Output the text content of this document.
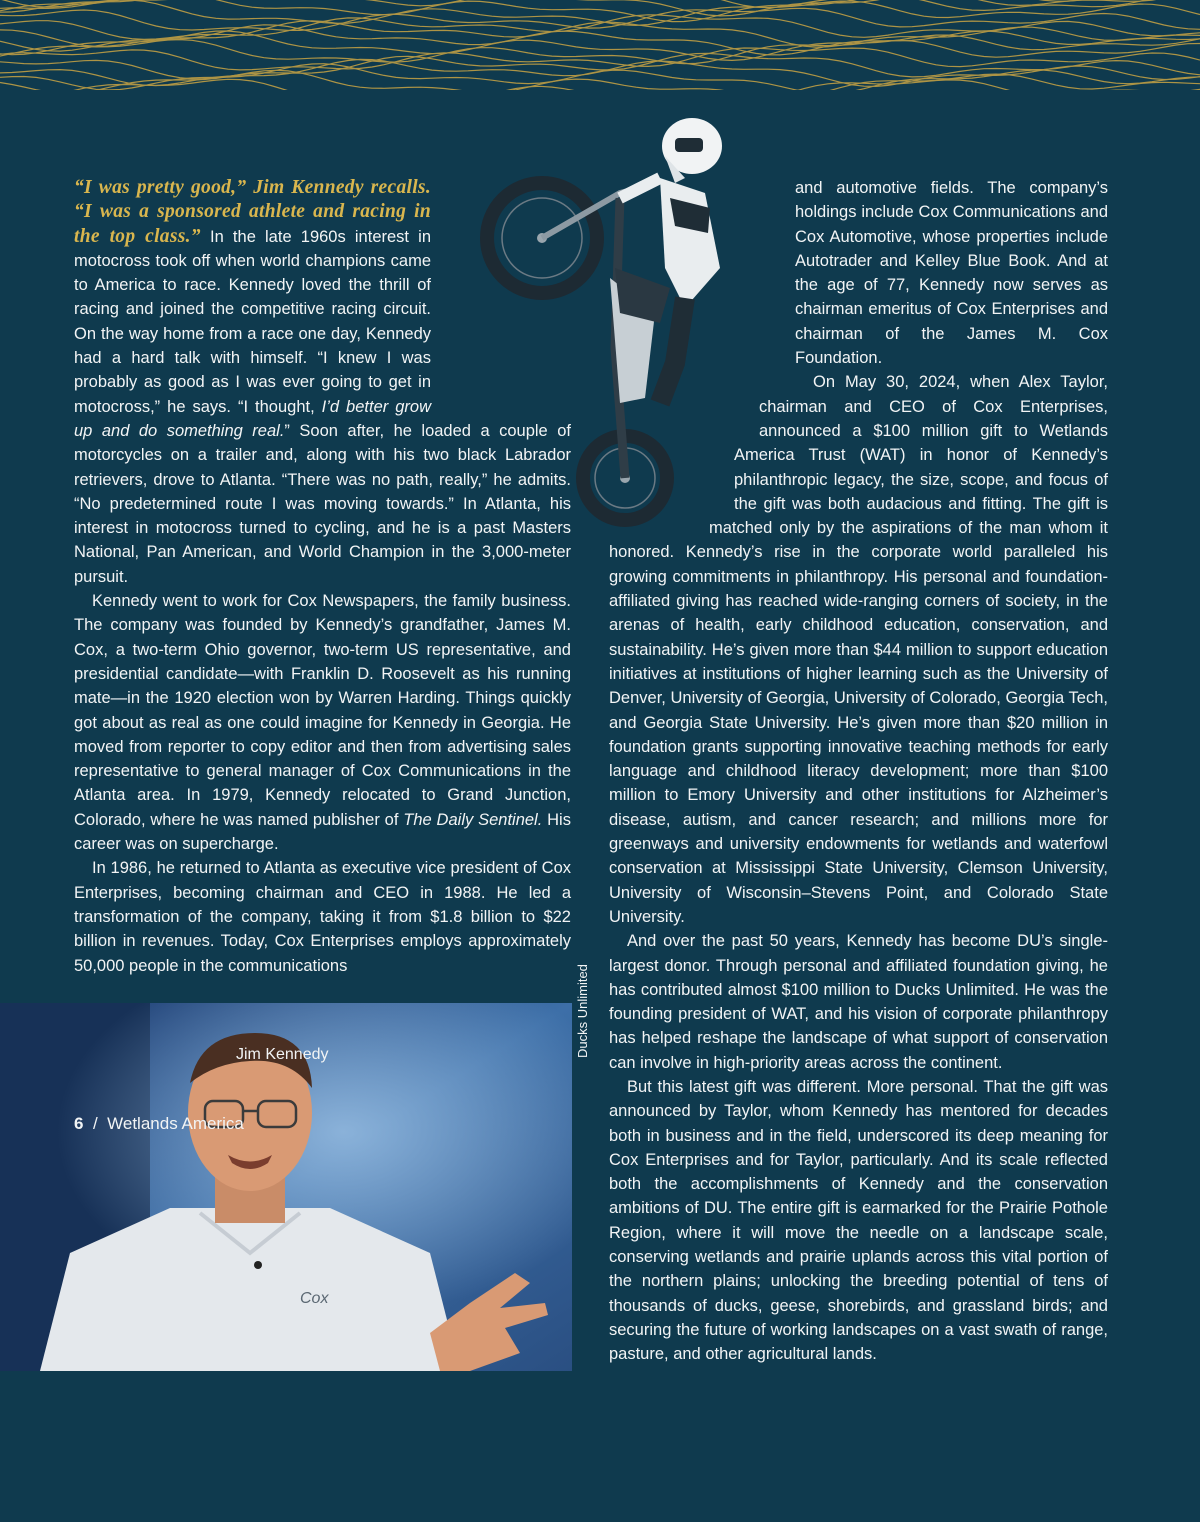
“I was pretty good,” Jim Kennedy recalls. “I was a sponsored athlete and racing in the top class.” In the late 1960s interest in motocross took off when world champions came to America to race. Kennedy loved the thrill of racing and joined the competitive racing circuit. On the way home from a race one day, Kennedy had a hard talk with himself. “I knew I was probably as good as I was ever going to get in motocross,” he says. “I thought, I’d better grow up and do something real.” Soon after, he loaded a couple of motorcycles on a trailer and, along with his two black Labrador retrievers, drove to Atlanta. “There was no path, really,” he admits. “No predetermined route I was moving towards.” In Atlanta, his interest in motocross turned to cycling, and he is a past Masters National, Pan American, and World Champion in the 3,000-meter pursuit.

Kennedy went to work for Cox Newspapers, the family business. The company was founded by Kennedy’s grandfather, James M. Cox, a two-term Ohio governor, two-term US representative, and presidential candidate—with Franklin D. Roosevelt as his running mate—in the 1920 election won by Warren Harding. Things quickly got about as real as one could imagine for Kennedy in Georgia. He moved from reporter to copy editor and then from advertising sales representative to general manager of Cox Communications in the Atlanta area. In 1979, Kennedy relocated to Grand Junction, Colorado, where he was named publisher of The Daily Sentinel. His career was on supercharge.

In 1986, he returned to Atlanta as executive vice president of Cox Enterprises, becoming chairman and CEO in 1988. He led a transformation of the company, taking it from $1.8 billion to $22 billion in revenues. Today, Cox Enterprises employs approximately 50,000 people in the communications

and automotive fields. The company’s holdings include Cox Communications and Cox Automotive, whose properties include Autotrader and Kelley Blue Book. And at the age of 77, Kennedy now serves as chairman emeritus of Cox Enterprises and chairman of the James M. Cox Foundation.

On May 30, 2024, when Alex Taylor, chairman and CEO of Cox Enterprises, announced a $100 million gift to Wetlands America Trust (WAT) in honor of Kennedy’s philanthropic legacy, the size, scope, and focus of the gift was both audacious and fitting. The gift is matched only by the aspirations of the man whom it honored. Kennedy’s rise in the corporate world paralleled his growing commitments in philanthropy. His personal and foundation-affiliated giving has reached wide-ranging corners of society, in the arenas of health, early childhood education, conservation, and sustainability. He’s given more than $44 million to support education initiatives at institutions of higher learning such as the University of Denver, University of Georgia, University of Colorado, Georgia Tech, and Georgia State University. He’s given more than $20 million in foundation grants supporting innovative teaching methods for early language and childhood literacy development; more than $100 million to Emory University and other institutions for Alzheimer’s disease, autism, and cancer research; and millions more for greenways and university endowments for wetlands and waterfowl conservation at Mississippi State University, Clemson University, University of Wisconsin–Stevens Point, and Colorado State University.

And over the past 50 years, Kennedy has become DU’s single-largest donor. Through personal and affiliated foundation giving, he has contributed almost $100 million to Ducks Unlimited. He was the founding president of WAT, and his vision of corporate philanthropy has helped reshape the landscape of what support of conservation can involve in high-priority areas across the continent.

But this latest gift was different. More personal. That the gift was announced by Taylor, whom Kennedy has mentored for decades both in business and in the field, underscored its deep meaning for Cox Enterprises and for Taylor, particularly. And its scale reflected both the accomplishments of Kennedy and the conservation ambitions of DU. The entire gift is earmarked for the Prairie Pothole Region, where it will move the needle on a landscape scale, conserving wetlands and prairie uplands across this vital portion of the northern plains; unlocking the breeding potential of tens of thousands of ducks, geese, shorebirds, and grassland birds; and securing the future of working landscapes on a vast swath of range, pasture, and other agricultural lands.

Cox
Jim Kennedy	Ducks Unlimited
6 / Wetlands America
